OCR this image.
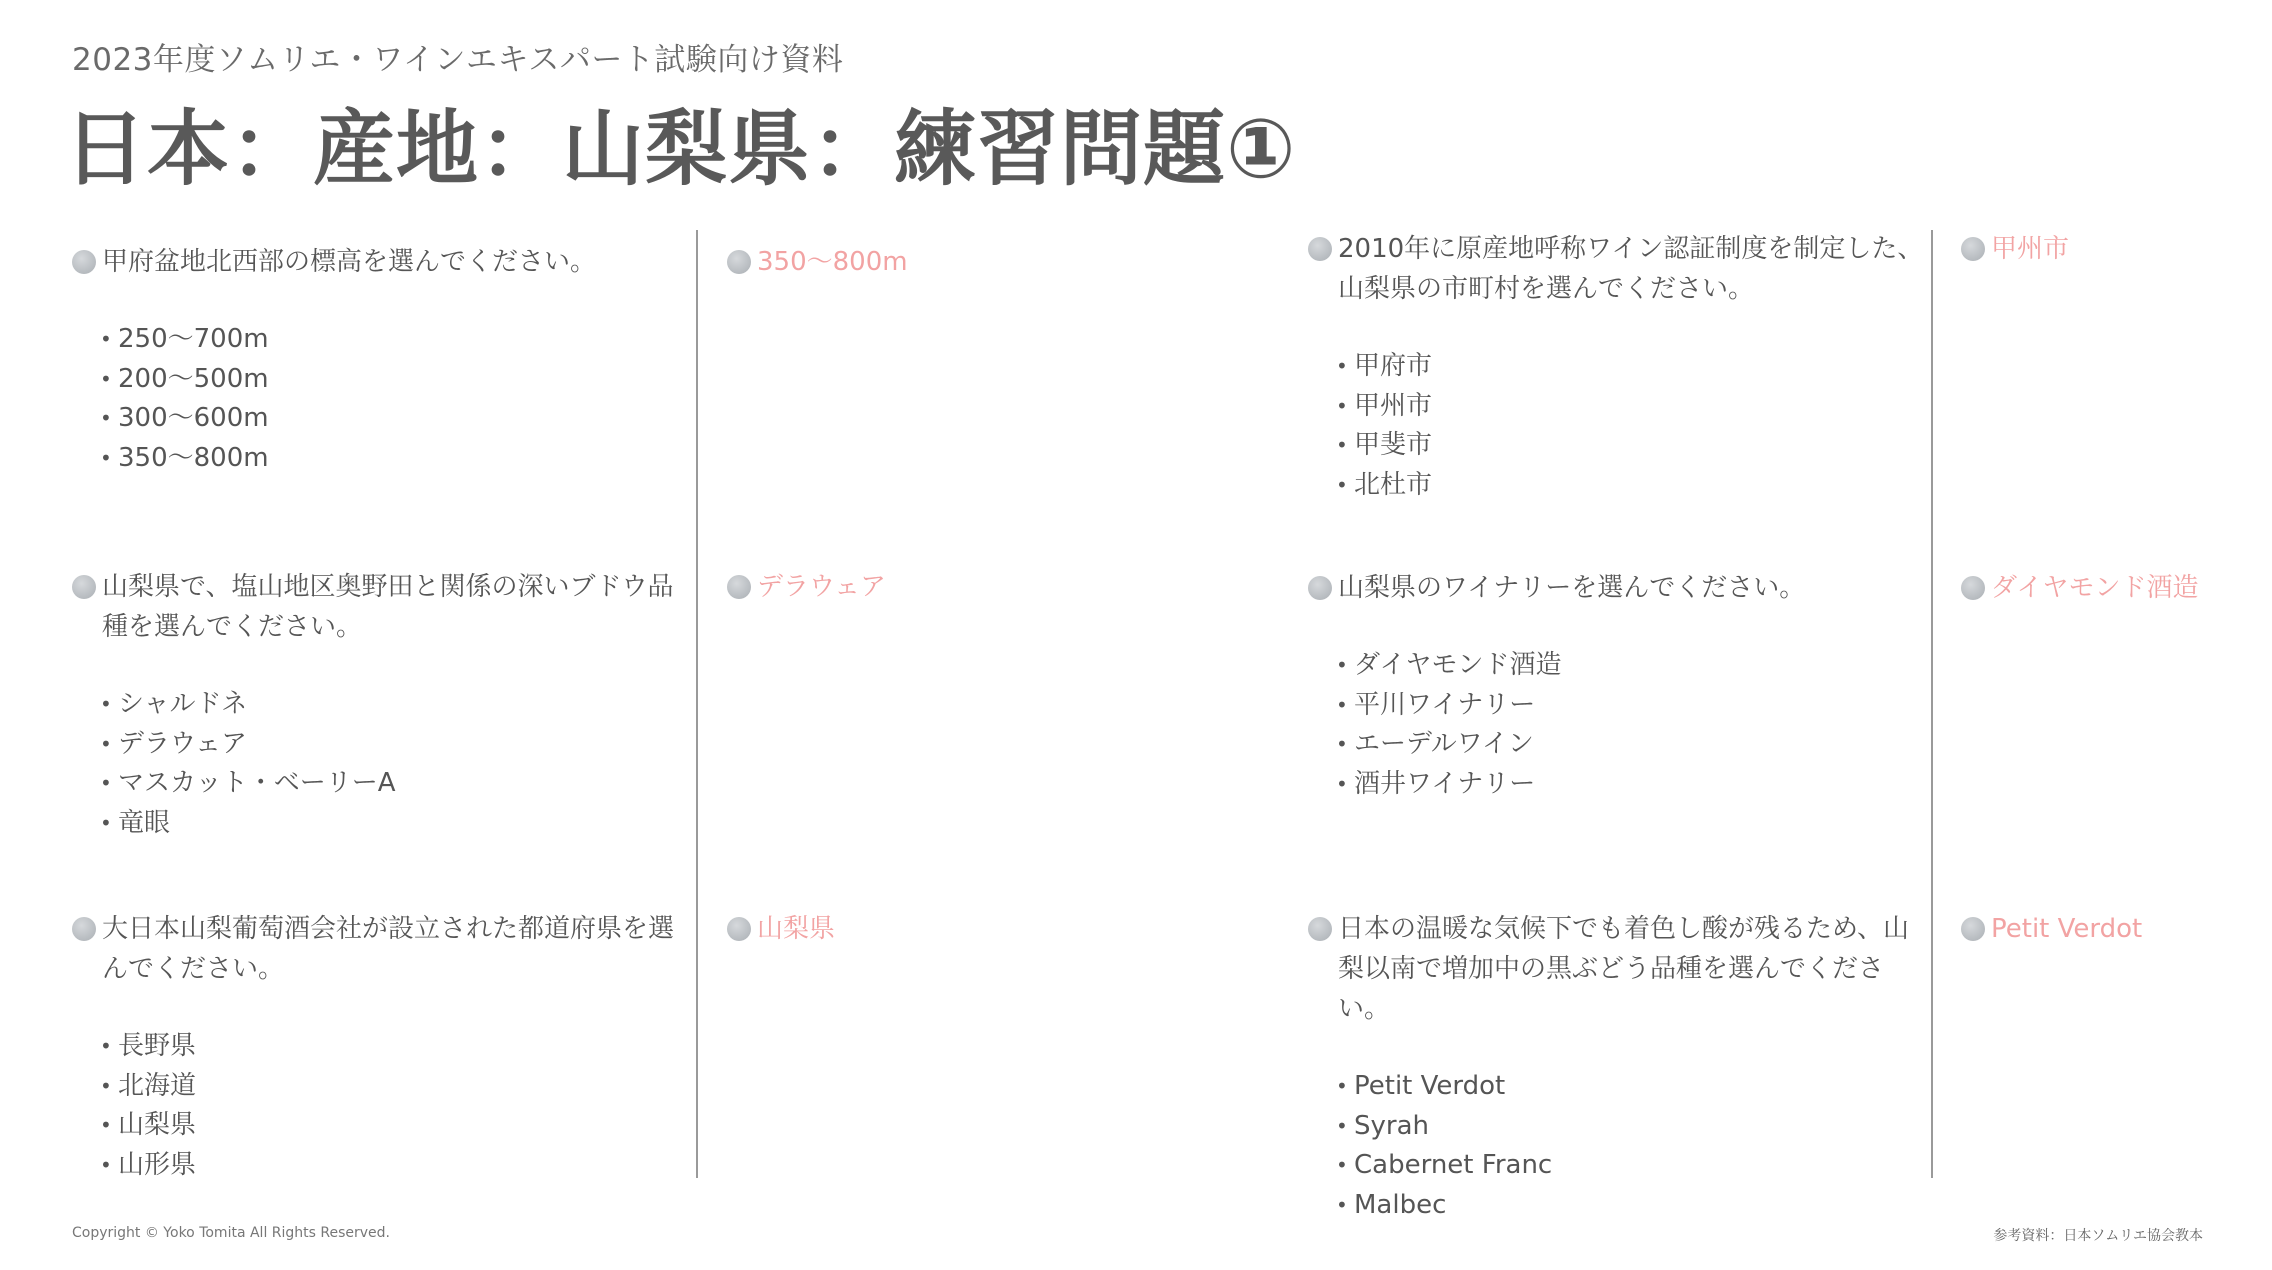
2023年度ソムリエ・ワインエキスパート試験向け資料
日本：産地：山梨県：練習問題①
甲府盆地北西部の標高を選んでください。
• 250〜700m
• 200〜500m
• 300〜600m
• 350〜800m
350〜800m
山梨県で、塩山地区奥野田と関係の深いブドウ品種を選んでください。
• シャルドネ
• デラウェア
• マスカット・ベーリーA
• 竜眼
デラウェア
大日本山梨葡萄酒会社が設立された都道府県を選んでください。
• 長野県
• 北海道
• 山梨県
• 山形県
山梨県
2010年に原産地呼称ワイン認証制度を制定した、山梨県の市町村を選んでください。
• 甲府市
• 甲州市
• 甲斐市
• 北杜市
甲州市
山梨県のワイナリーを選んでください。
• ダイヤモンド酒造
• 平川ワイナリー
• エーデルワイン
• 酒井ワイナリー
ダイヤモンド酒造
日本の温暖な気候下でも着色し酸が残るため、山梨以南で増加中の黒ぶどう品種を選んでください。
• Petit Verdot
• Syrah
• Cabernet Franc
• Malbec
Petit Verdot
Copyright © Yoko Tomita All Rights Reserved.	参考資料：日本ソムリエ協会教本
